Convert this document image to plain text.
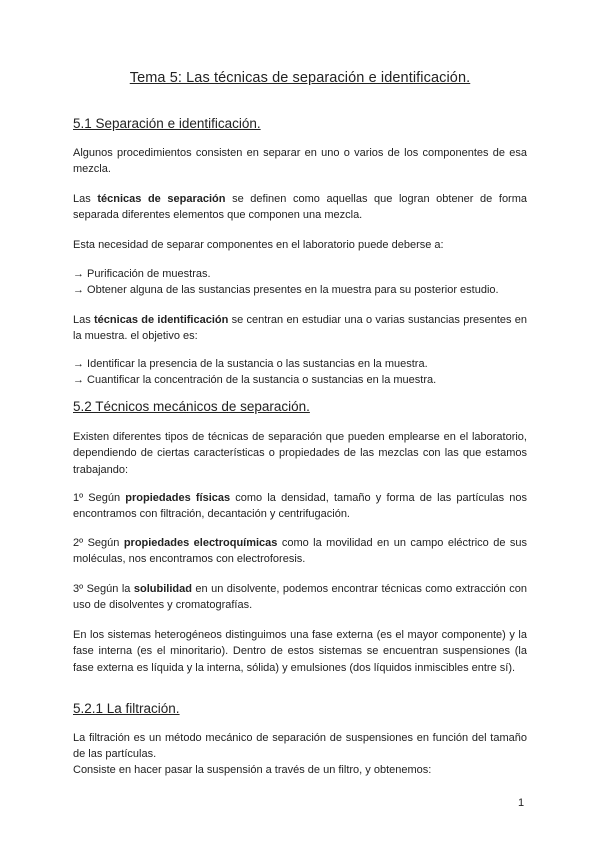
Tema 5: Las técnicas de separación e identificación.
5.1 Separación e identificación.

Algunos procedimientos consisten en separar en uno o varios de los componentes de esa mezcla.

Las técnicas de separación se definen como aquellas que logran obtener de forma separada diferentes elementos que componen una mezcla.

Esta necesidad de separar componentes en el laboratorio puede deberse a:

→ Purificación de muestras.
→ Obtener alguna de las sustancias presentes en la muestra para su posterior estudio.

Las técnicas de identificación se centran en estudiar una o varias sustancias presentes en la muestra. el objetivo es:

→ Identificar la presencia de la sustancia o las sustancias en la muestra.
→ Cuantificar la concentración de la sustancia o sustancias en la muestra.

5.2 Técnicos mecánicos de separación.

Existen diferentes tipos de técnicas de separación que pueden emplearse en el laboratorio, dependiendo de ciertas características o propiedades de las mezclas con las que estamos trabajando:

1º Según propiedades físicas como la densidad, tamaño y forma de las partículas nos encontramos con filtración, decantación y centrifugación.

2º Según propiedades electroquímicas como la movilidad en un campo eléctrico de sus moléculas, nos encontramos con electroforesis.

3º Según la solubilidad en un disolvente, podemos encontrar técnicas como extracción con uso de disolventes y cromatografías.

En los sistemas heterogéneos distinguimos una fase externa (es el mayor componente) y la fase interna (es el minoritario). Dentro de estos sistemas se encuentran suspensiones (la fase externa es líquida y la interna, sólida) y emulsiones (dos líquidos inmiscibles entre sí).

5.2.1 La filtración.

La filtración es un método mecánico de separación de suspensiones en función del tamaño de las partículas.

Consiste en hacer pasar la suspensión a través de un filtro, y obtenemos:

1
